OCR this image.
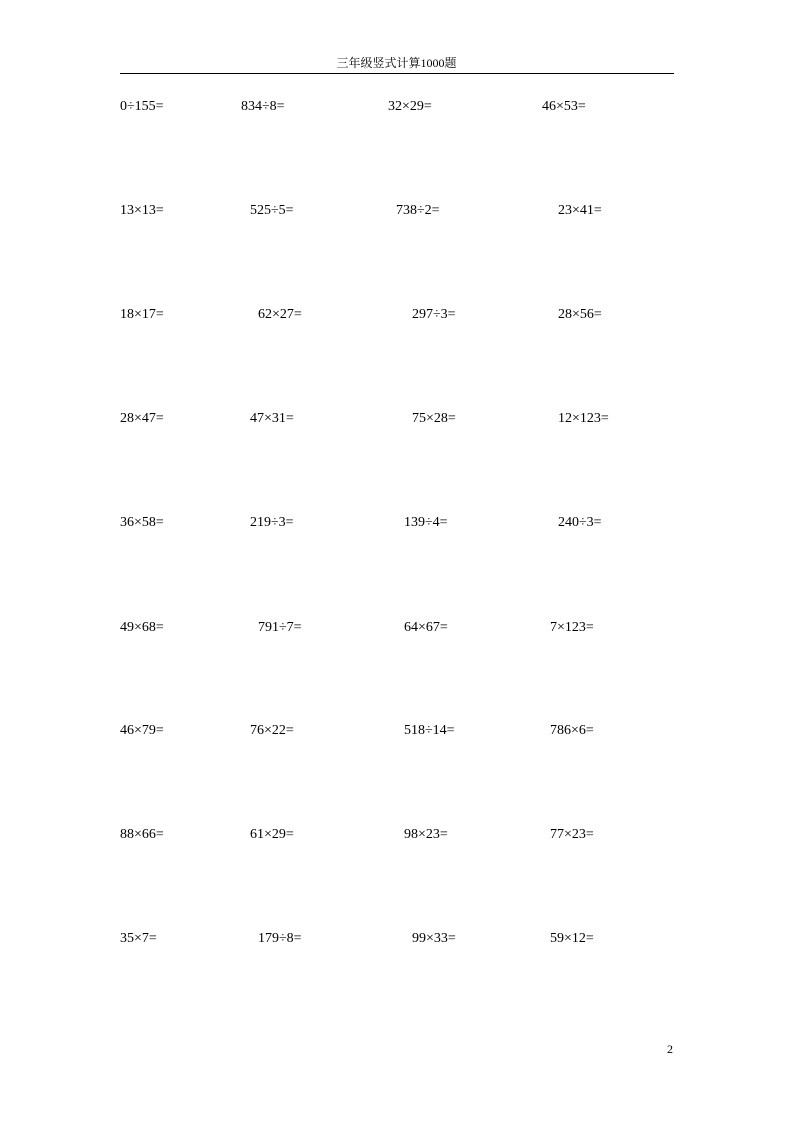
三年级竖式计算1000题
0÷155=	834÷8=	32×29=	46×53=
13×13=	525÷5=	738÷2=	23×41=
18×17=	62×27=	297÷3=	28×56=
28×47=	47×31=	75×28=	12×123=
36×58=	219÷3=	139÷4=	240÷3=
49×68=	791÷7=	64×67=	7×123=
46×79=	76×22=	518÷14=	786×6=
88×66=	61×29=	98×23=	77×23=
35×7=	179÷8=	99×33=	59×12=
2
